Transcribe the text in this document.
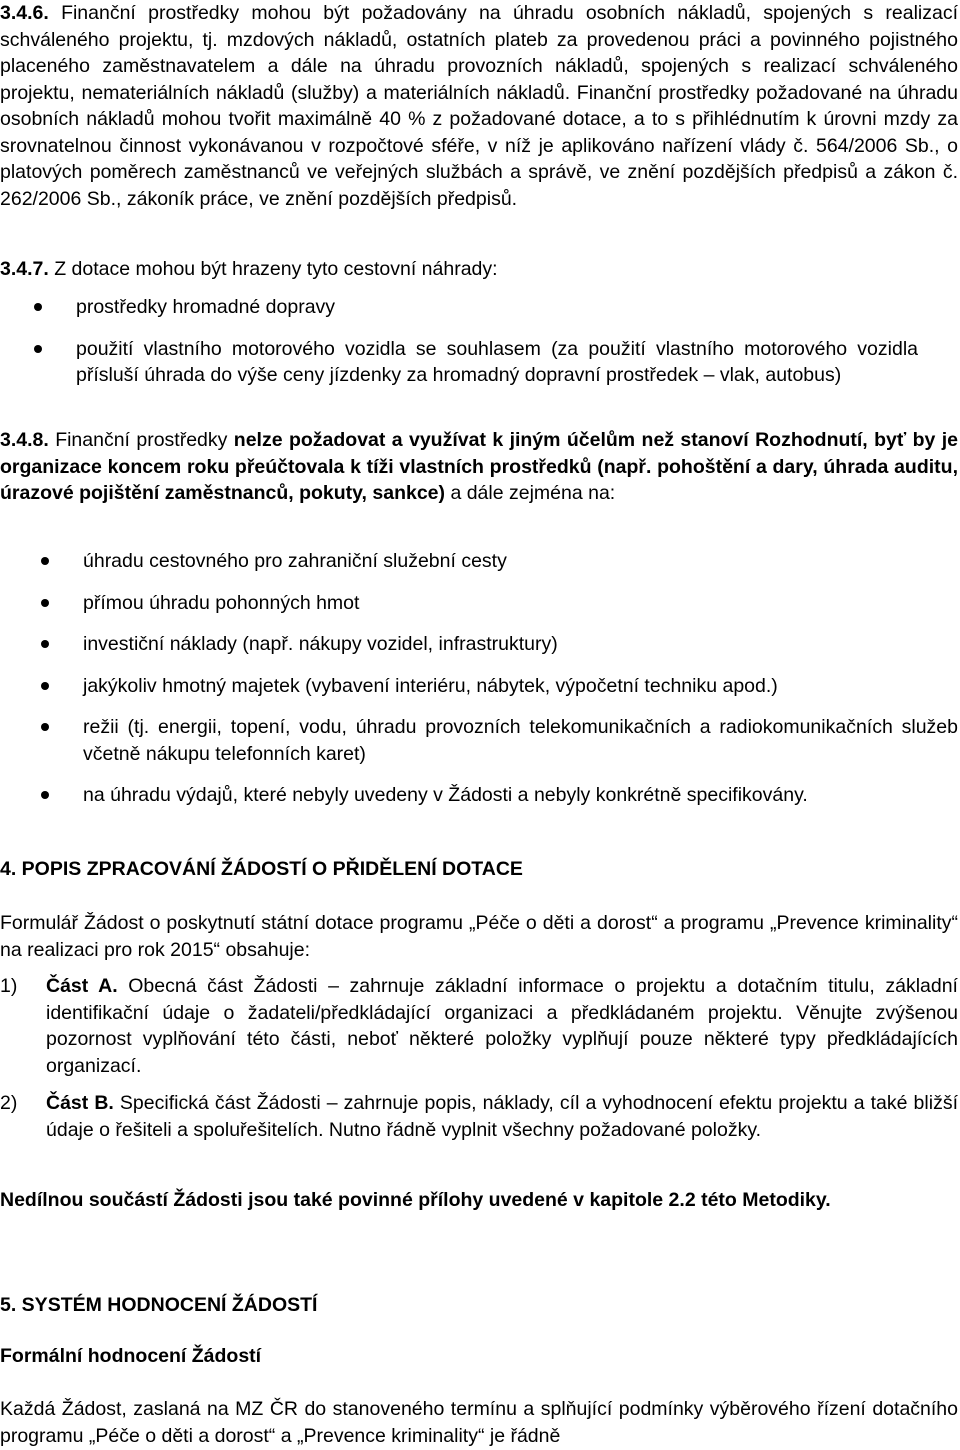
3.4.6. Finanční prostředky mohou být požadovány na úhradu osobních nákladů, spojených s realizací schváleného projektu, tj. mzdových nákladů, ostatních plateb za provedenou práci a povinného pojistného placeného zaměstnavatelem a dále na úhradu provozních nákladů, spojených s realizací schváleného projektu, nemateriálních nákladů (služby) a materiálních nákladů. Finanční prostředky požadované na úhradu osobních nákladů mohou tvořit maximálně 40 % z požadované dotace, a to s přihlédnutím k úrovni mzdy za srovnatelnou činnost vykonávanou v rozpočtové sféře, v níž je aplikováno nařízení vlády č. 564/2006 Sb., o platových poměrech zaměstnanců ve veřejných službách a správě, ve znění pozdějších předpisů a zákon č. 262/2006 Sb., zákoník práce, ve znění pozdějších předpisů.

3.4.7. Z dotace mohou být hrazeny tyto cestovní náhrady:

prostředky hromadné dopravy
použití vlastního motorového vozidla se souhlasem (za použití vlastního motorového vozidla přísluší úhrada do výše ceny jízdenky za hromadný dopravní prostředek – vlak, autobus)

3.4.8. Finanční prostředky nelze požadovat a využívat k jiným účelům než stanoví Rozhodnutí, byť by je organizace koncem roku přeúčtovala k tíži vlastních prostředků (např. pohoštění a dary, úhrada auditu, úrazové pojištění zaměstnanců, pokuty, sankce) a dále zejména na:

úhradu cestovného pro zahraniční služební cesty
přímou úhradu pohonných hmot
investiční náklady (např. nákupy vozidel, infrastruktury)
jakýkoliv hmotný majetek (vybavení interiéru, nábytek, výpočetní techniku apod.)
režii (tj. energii, topení, vodu, úhradu provozních telekomunikačních a radiokomunikačních služeb včetně nákupu telefonních karet)
na úhradu výdajů, které nebyly uvedeny v Žádosti a nebyly konkrétně specifikovány.

4. POPIS ZPRACOVÁNÍ ŽÁDOSTÍ O PŘIDĚLENÍ DOTACE

Formulář Žádost o poskytnutí státní dotace programu „Péče o děti a dorost“ a programu „Prevence kriminality“ na realizaci pro rok 2015“ obsahuje:

1) Část A. Obecná část Žádosti – zahrnuje základní informace o projektu a dotačním titulu, základní identifikační údaje o žadateli/předkládající organizaci a předkládaném projektu. Věnujte zvýšenou pozornost vyplňování této části, neboť některé položky vyplňují pouze některé typy předkládajících organizací.
2) Část B. Specifická část Žádosti – zahrnuje popis, náklady, cíl a vyhodnocení efektu projektu a také bližší údaje o řešiteli a spoluřešitelích. Nutno řádně vyplnit všechny požadované položky.

Nedílnou součástí Žádosti jsou také povinné přílohy uvedené v kapitole 2.2 této Metodiky.

5. SYSTÉM HODNOCENÍ ŽÁDOSTÍ

Formální hodnocení Žádostí

Každá Žádost, zaslaná na MZ ČR do stanoveného termínu a splňující podmínky výběrového řízení dotačního programu „Péče o děti a dorost“ a „Prevence kriminality“ je řádně
